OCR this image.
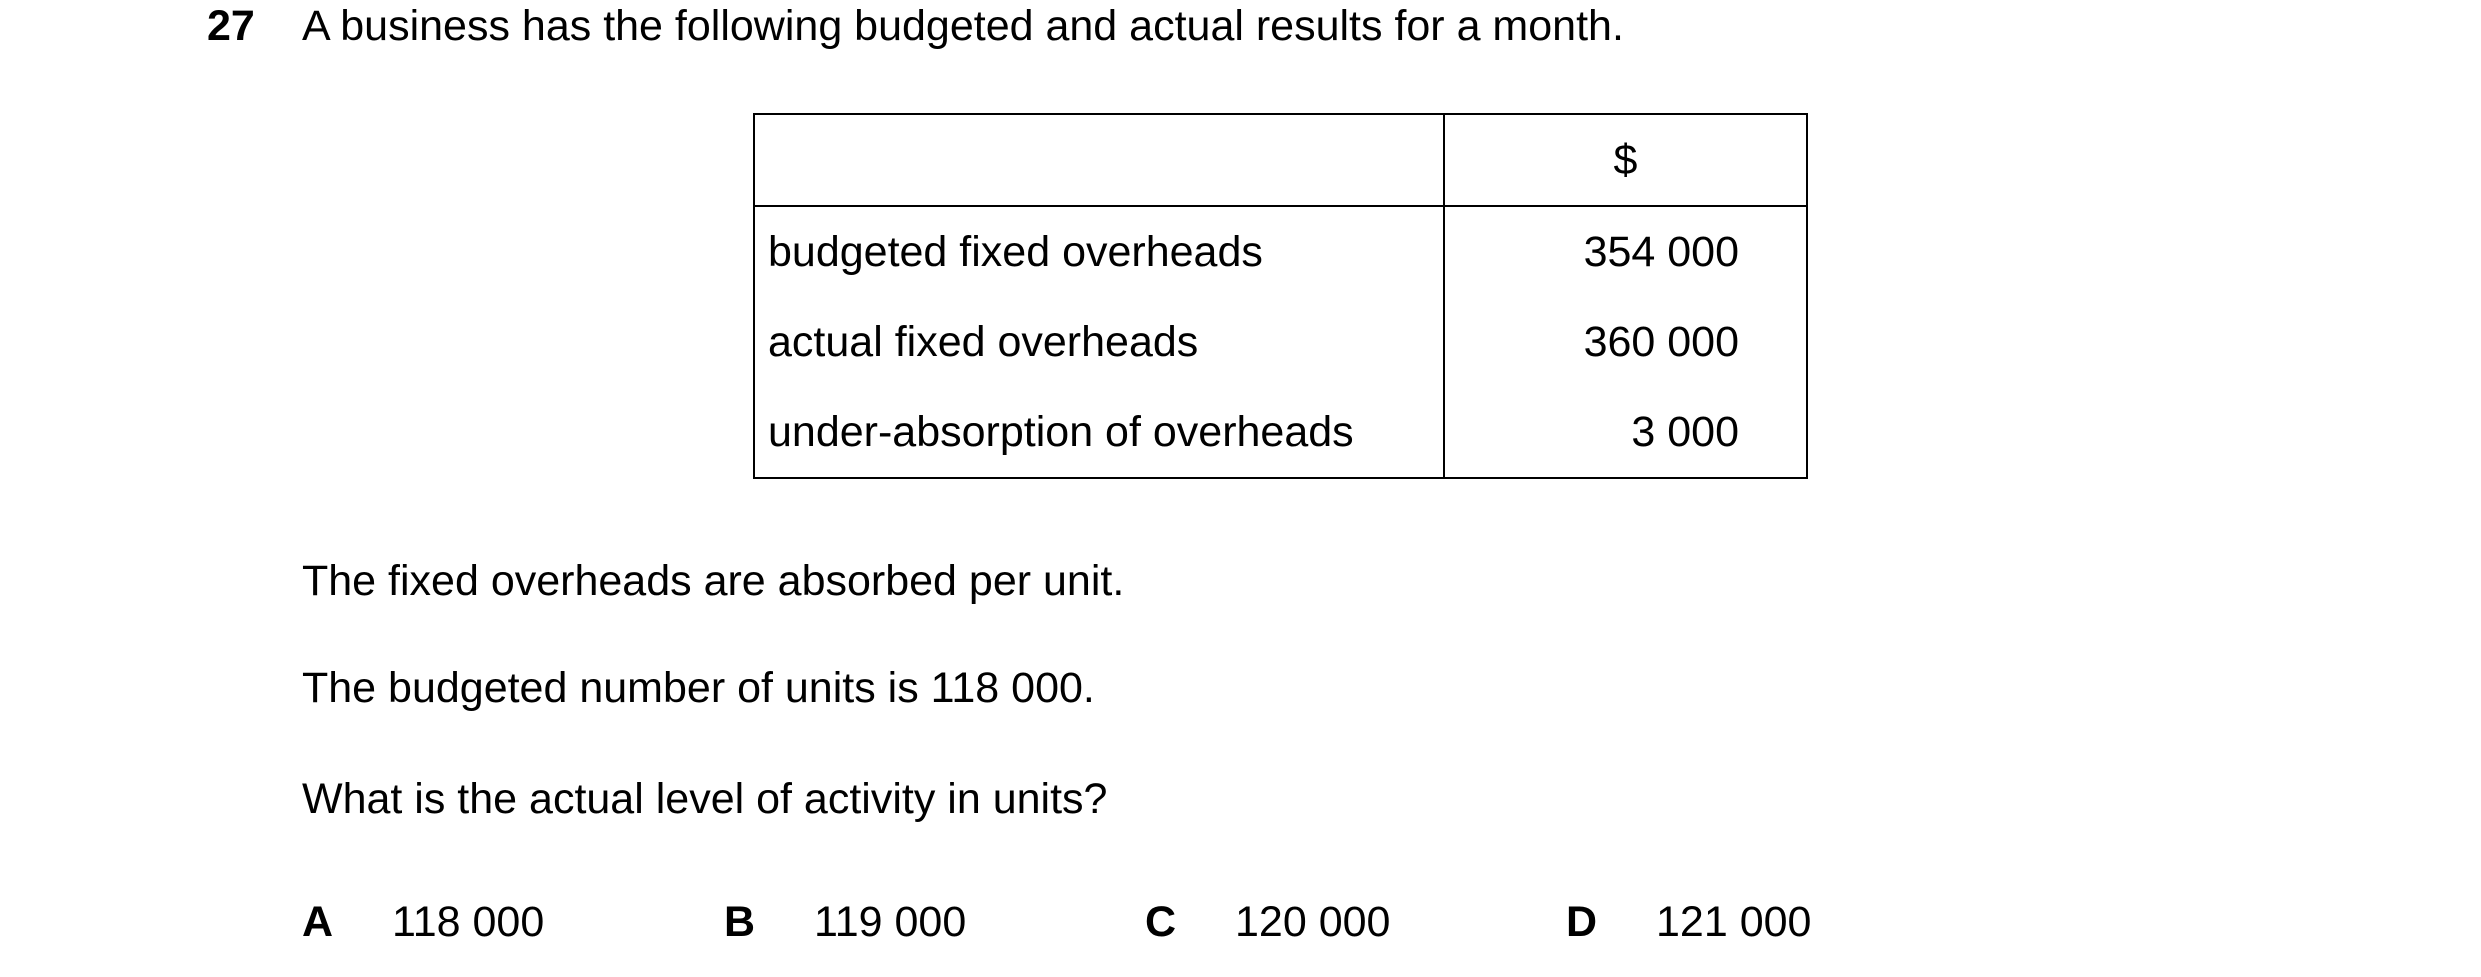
27 A business has the following budgeted and actual results for a month.
	$
budgeted fixed overheads	354 000
actual fixed overheads	360 000
under-absorption of overheads	3 000
The fixed overheads are absorbed per unit.
The budgeted number of units is 118 000.
What is the actual level of activity in units?
A 118 000	B 119 000	C 120 000	D 121 000
